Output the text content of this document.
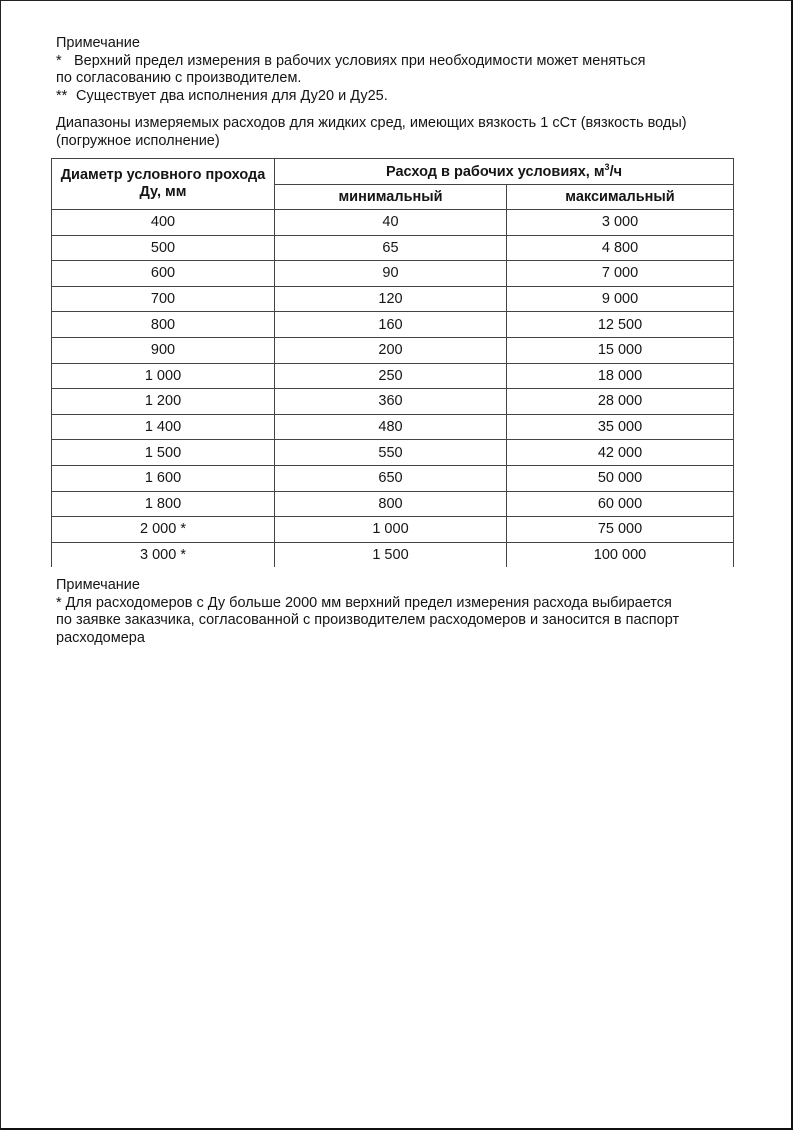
Примечание
* Верхний предел измерения в рабочих условиях при необходимости может меняться
по согласованию с производителем.
** Существует два исполнения для Ду20 и Ду25.
Диапазоны измеряемых расходов для жидких сред, имеющих вязкость 1 сСт (вязкость воды)
(погружное исполнение)
Диаметр условного прохода Ду, мм	Расход в рабочих условиях, $м^3/ч$	
	минимальный	максимальный
400	40	3 000
500	65	4 800
600	90	7 000
700	120	9 000
800	160	12 500
900	200	15 000
1 000	250	18 000
1 200	360	28 000
1 400	480	35 000
1 500	550	42 000
1 600	650	50 000
1 800	800	60 000
2 000 *	1 000	75 000
3 000 *	1 500	100 000
Примечание
* Для расходомеров с Ду больше 2000 мм верхний предел измерения расхода выбирается
по заявке заказчика, согласованной с производителем расходомеров и заносится в паспорт
расходомера
